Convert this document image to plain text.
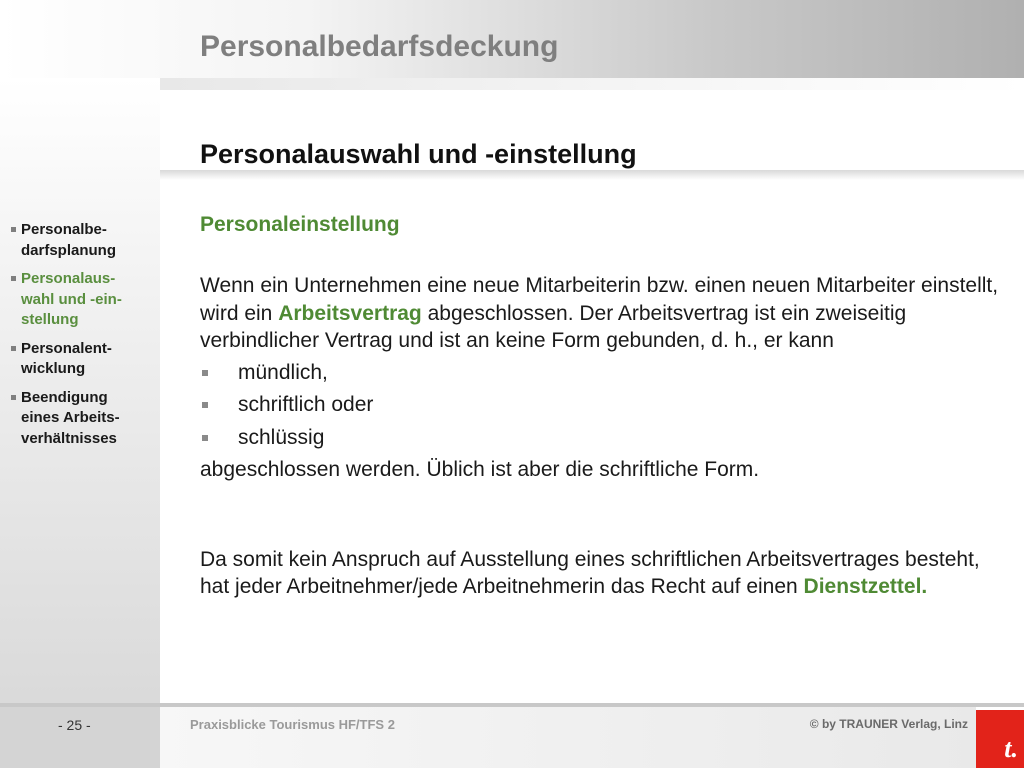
Personalbedarfsdeckung
Personalauswahl und -einstellung
Personalbe-
darfsplanung
Personalaus-
wahl und -ein-
stellung
Personalent-
wicklung
Beendigung
eines Arbeits-
verhältnisses
Personaleinstellung
Wenn ein Unternehmen eine neue Mitarbeiterin bzw. einen neuen Mitarbeiter einstellt, wird ein Arbeitsvertrag abgeschlossen. Der Arbeitsvertrag ist ein zweiseitig verbindlicher Vertrag und ist an keine Form gebunden, d. h., er kann
mündlich,
schriftlich oder
schlüssig
abgeschlossen werden. Üblich ist aber die schriftliche Form.
Da somit kein Anspruch auf Ausstellung eines schriftlichen Arbeitsvertrages besteht, hat jeder Arbeitnehmer/jede Arbeitnehmerin das Recht auf einen Dienstzettel.
- 25 -	Praxisblicke Tourismus HF/TFS 2	© by TRAUNER Verlag, Linz
t.
